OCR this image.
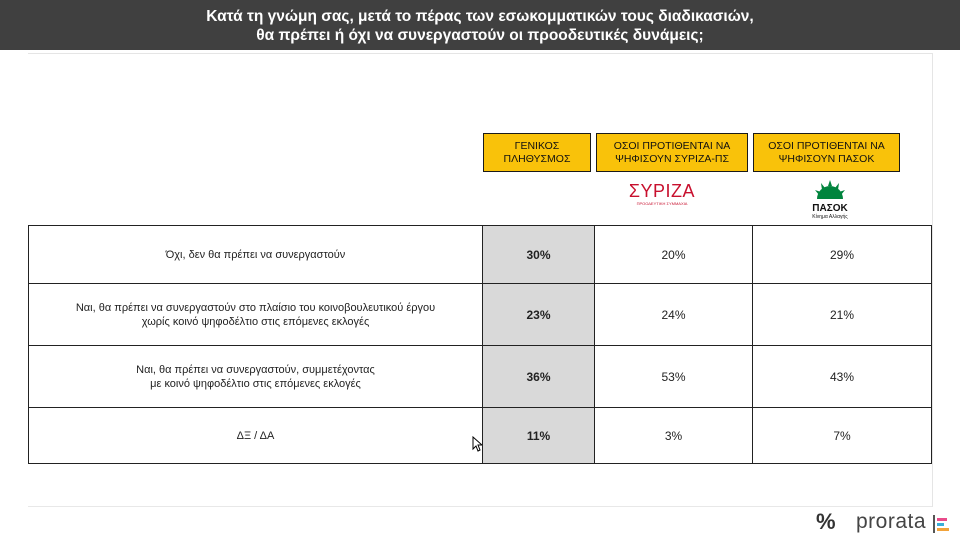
Κατά τη γνώμη σας, μετά το πέρας των εσωκομματικών τους διαδικασιών,
θα πρέπει ή όχι να συνεργαστούν οι προοδευτικές δυνάμεις;
ΓΕΝΙΚΟΣ
ΠΛΗΘΥΣΜΟΣ
ΟΣΟΙ ΠΡΟΤΙΘΕΝΤΑΙ ΝΑ
ΨΗΦΙΣΟΥΝ ΣΥΡΙΖΑ-ΠΣ
ΟΣΟΙ ΠΡΟΤΙΘΕΝΤΑΙ ΝΑ
ΨΗΦΙΣΟΥΝ ΠΑΣΟΚ
ΣΥΡΙΖΑ
ΠΡΟΟΔΕΥΤΙΚΗ ΣΥΜΜΑΧΙΑ	ΠΑΣΟΚ
Κίνημα Αλλαγής
Όχι, δεν θα πρέπει να συνεργαστούν	30%	20%	29%
Ναι, θα πρέπει να συνεργαστούν στο πλαίσιο του κοινοβουλευτικού έργου
χωρίς κοινό ψηφοδέλτιο στις επόμενες εκλογές	23%	24%	21%
Ναι, θα πρέπει να συνεργαστούν, συμμετέχοντας
με κοινό ψηφοδέλτιο στις επόμενες εκλογές	36%	53%	43%
ΔΞ / ΔΑ	11%	3%	7%
% prorata
